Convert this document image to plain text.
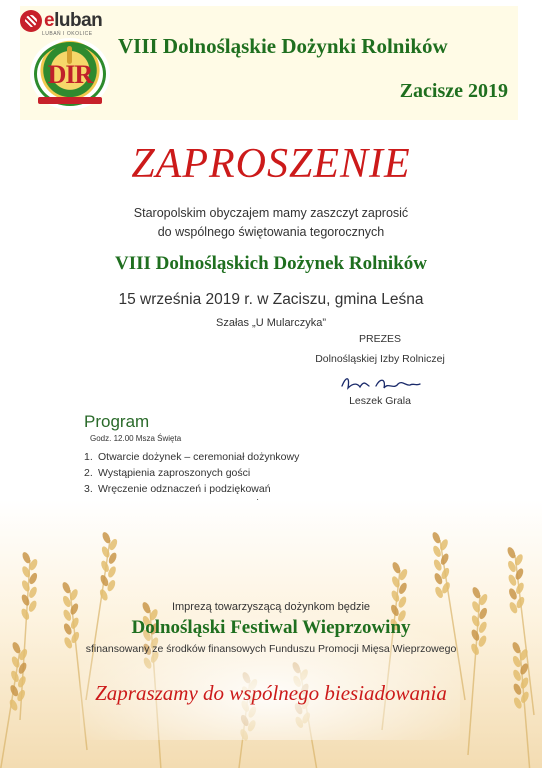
eluban
LUBAŃ I OKOLICE
DIR
VIII Dolnośląskie Dożynki Rolników
Zacisze 2019
ZAPROSZENIE
Staropolskim obyczajem mamy zaszczyt zaprosić
do wspólnego świętowania tegorocznych
VIII Dolnośląskich Dożynek Rolników
15 września 2019 r. w Zaciszu, gmina Leśna
Szałas „U Mularczyka”
PREZES
Dolnośląskiej Izby Rolniczej
Leszek Grala
Program
Godz. 12.00 Msza Święta
1. Otwarcie dożynek – ceremoniał dożynkowy
2. Wystąpienia zaproszonych gości
3. Wręczenie odznaczeń i podziękowań
Imprezą towarzyszącą dożynkom będzie
Dolnośląski Festiwal Wieprzowiny
sfinansowany ze środków finansowych Funduszu Promocji Mięsa Wieprzowego
Zapraszamy do wspólnego biesiadowania
